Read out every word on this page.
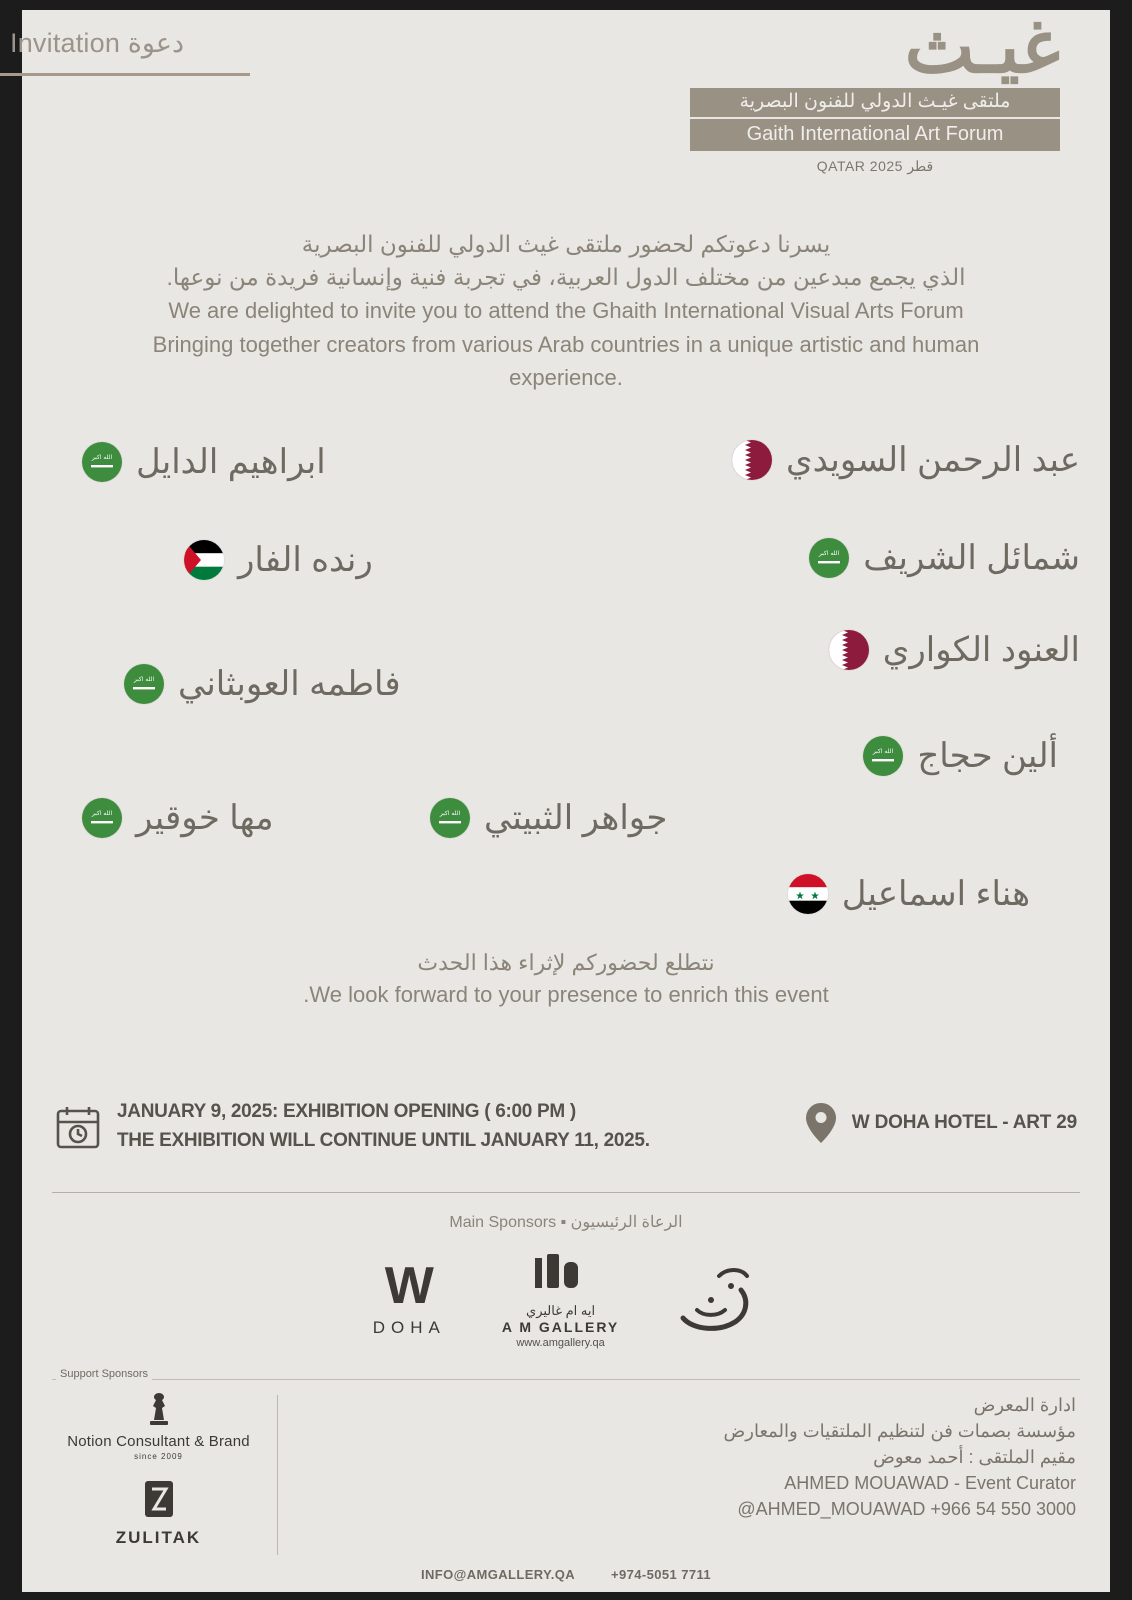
Invitation دعوة	غيـث
ملتقى غيـث الدولي للفنون البصرية
Gaith International Art Forum
QATAR 2025 قطر
يسرنا دعوتكم لحضور ملتقى غيث الدولي للفنون البصرية
الذي يجمع مبدعين من مختلف الدول العربية، في تجربة فنية وإنسانية فريدة من نوعها.
We are delighted to invite you to attend the Ghaith International Visual Arts Forum
Bringing together creators from various Arab countries in a unique artistic and human
experience.
عبد الرحمن السويدي
ابراهيم الدايل
الله اكبر
شمائل الشريف
الله اكبر
رنده الفار
العنود الكواري
فاطمه العوبثاني
الله اكبر
ألين حجاج
الله اكبر
جواهر الثبيتي
الله اكبر
مها خوقير
الله اكبر
هناء اسماعيل
نتطلع لحضوركم لإثراء هذا الحدث
.We look forward to your presence to enrich this event
JANUARY 9, 2025: EXHIBITION OPENING ( 6:00 PM )
THE EXHIBITION WILL CONTINUE UNTIL JANUARY 11, 2025.
W DOHA HOTEL - ART 29
Main Sponsors ▪ الرعاة الرئيسيون
W
DOHA
ايه ام غاليري
A M GALLERY
www.amgallery.qa
Support Sponsors
Notion Consultant & Brand
since 2009
ZULITAK
ادارة المعرض
مؤسسة بصمات فن لتنظيم الملتقيات والمعارض
مقيم الملتقى : أحمد معوض
AHMED MOUAWAD - Event Curator
@AHMED_MOUAWAD +966 54 550 3000
INFO@AMGALLERY.QA	+974-5051 7711
